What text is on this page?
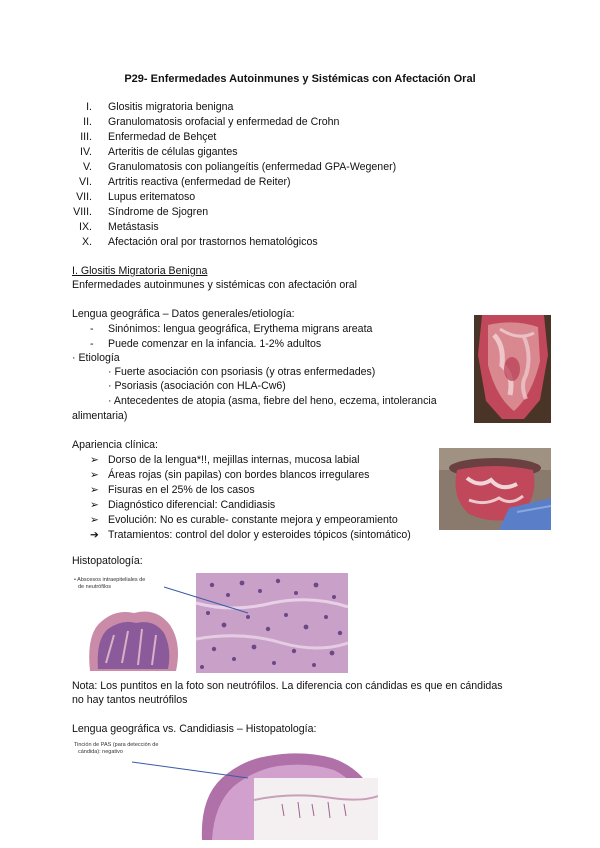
P29- Enfermedades Autoinmunes y Sistémicas con Afectación Oral
I. Glositis migratoria benigna
II. Granulomatosis orofacial y enfermedad de Crohn
III. Enfermedad de Behçet
IV. Arteritis de células gigantes
V. Granulomatosis con poliangeítis (enfermedad GPA-Wegener)
VI. Artritis reactiva (enfermedad de Reiter)
VII. Lupus eritematoso
VIII. Síndrome de Sjogren
IX. Metástasis
X. Afectación oral por trastornos hematológicos
I. Glositis Migratoria Benigna
Enfermedades autoinmunes y sistémicas con afectación oral
Lengua geográfica – Datos generales/etiología:
- Sinónimos: lengua geográfica, Erythema migrans areata
- Puede comenzar en la infancia. 1-2% adultos
· Etiología
· Fuerte asociación con psoriasis (y otras enfermedades)
· Psoriasis (asociación con HLA-Cw6)
· Antecedentes de atopia (asma, fiebre del heno, eczema, intolerancia
alimentaria)
Apariencia clínica:
➢ Dorso de la lengua*!!, mejillas internas, mucosa labial
➢ Áreas rojas (sin papilas) con bordes blancos irregulares
➢ Fisuras en el 25% de los casos
➢ Diagnóstico diferencial: Candidiasis
➢ Evolución: No es curable- constante mejora y empeoramiento
➔ Tratamientos: control del dolor y esteroides tópicos (sintomático)
Histopatología:
• Abscesos intraepiteliales de
de neutrófilos
Nota: Los puntitos en la foto son neutrófilos. La diferencia con cándidas es que en cándidas
no hay tantos neutrófilos
Lengua geográfica vs. Candidiasis – Histopatología:
Tinción de PAS (para detección de
cándida): negativo
